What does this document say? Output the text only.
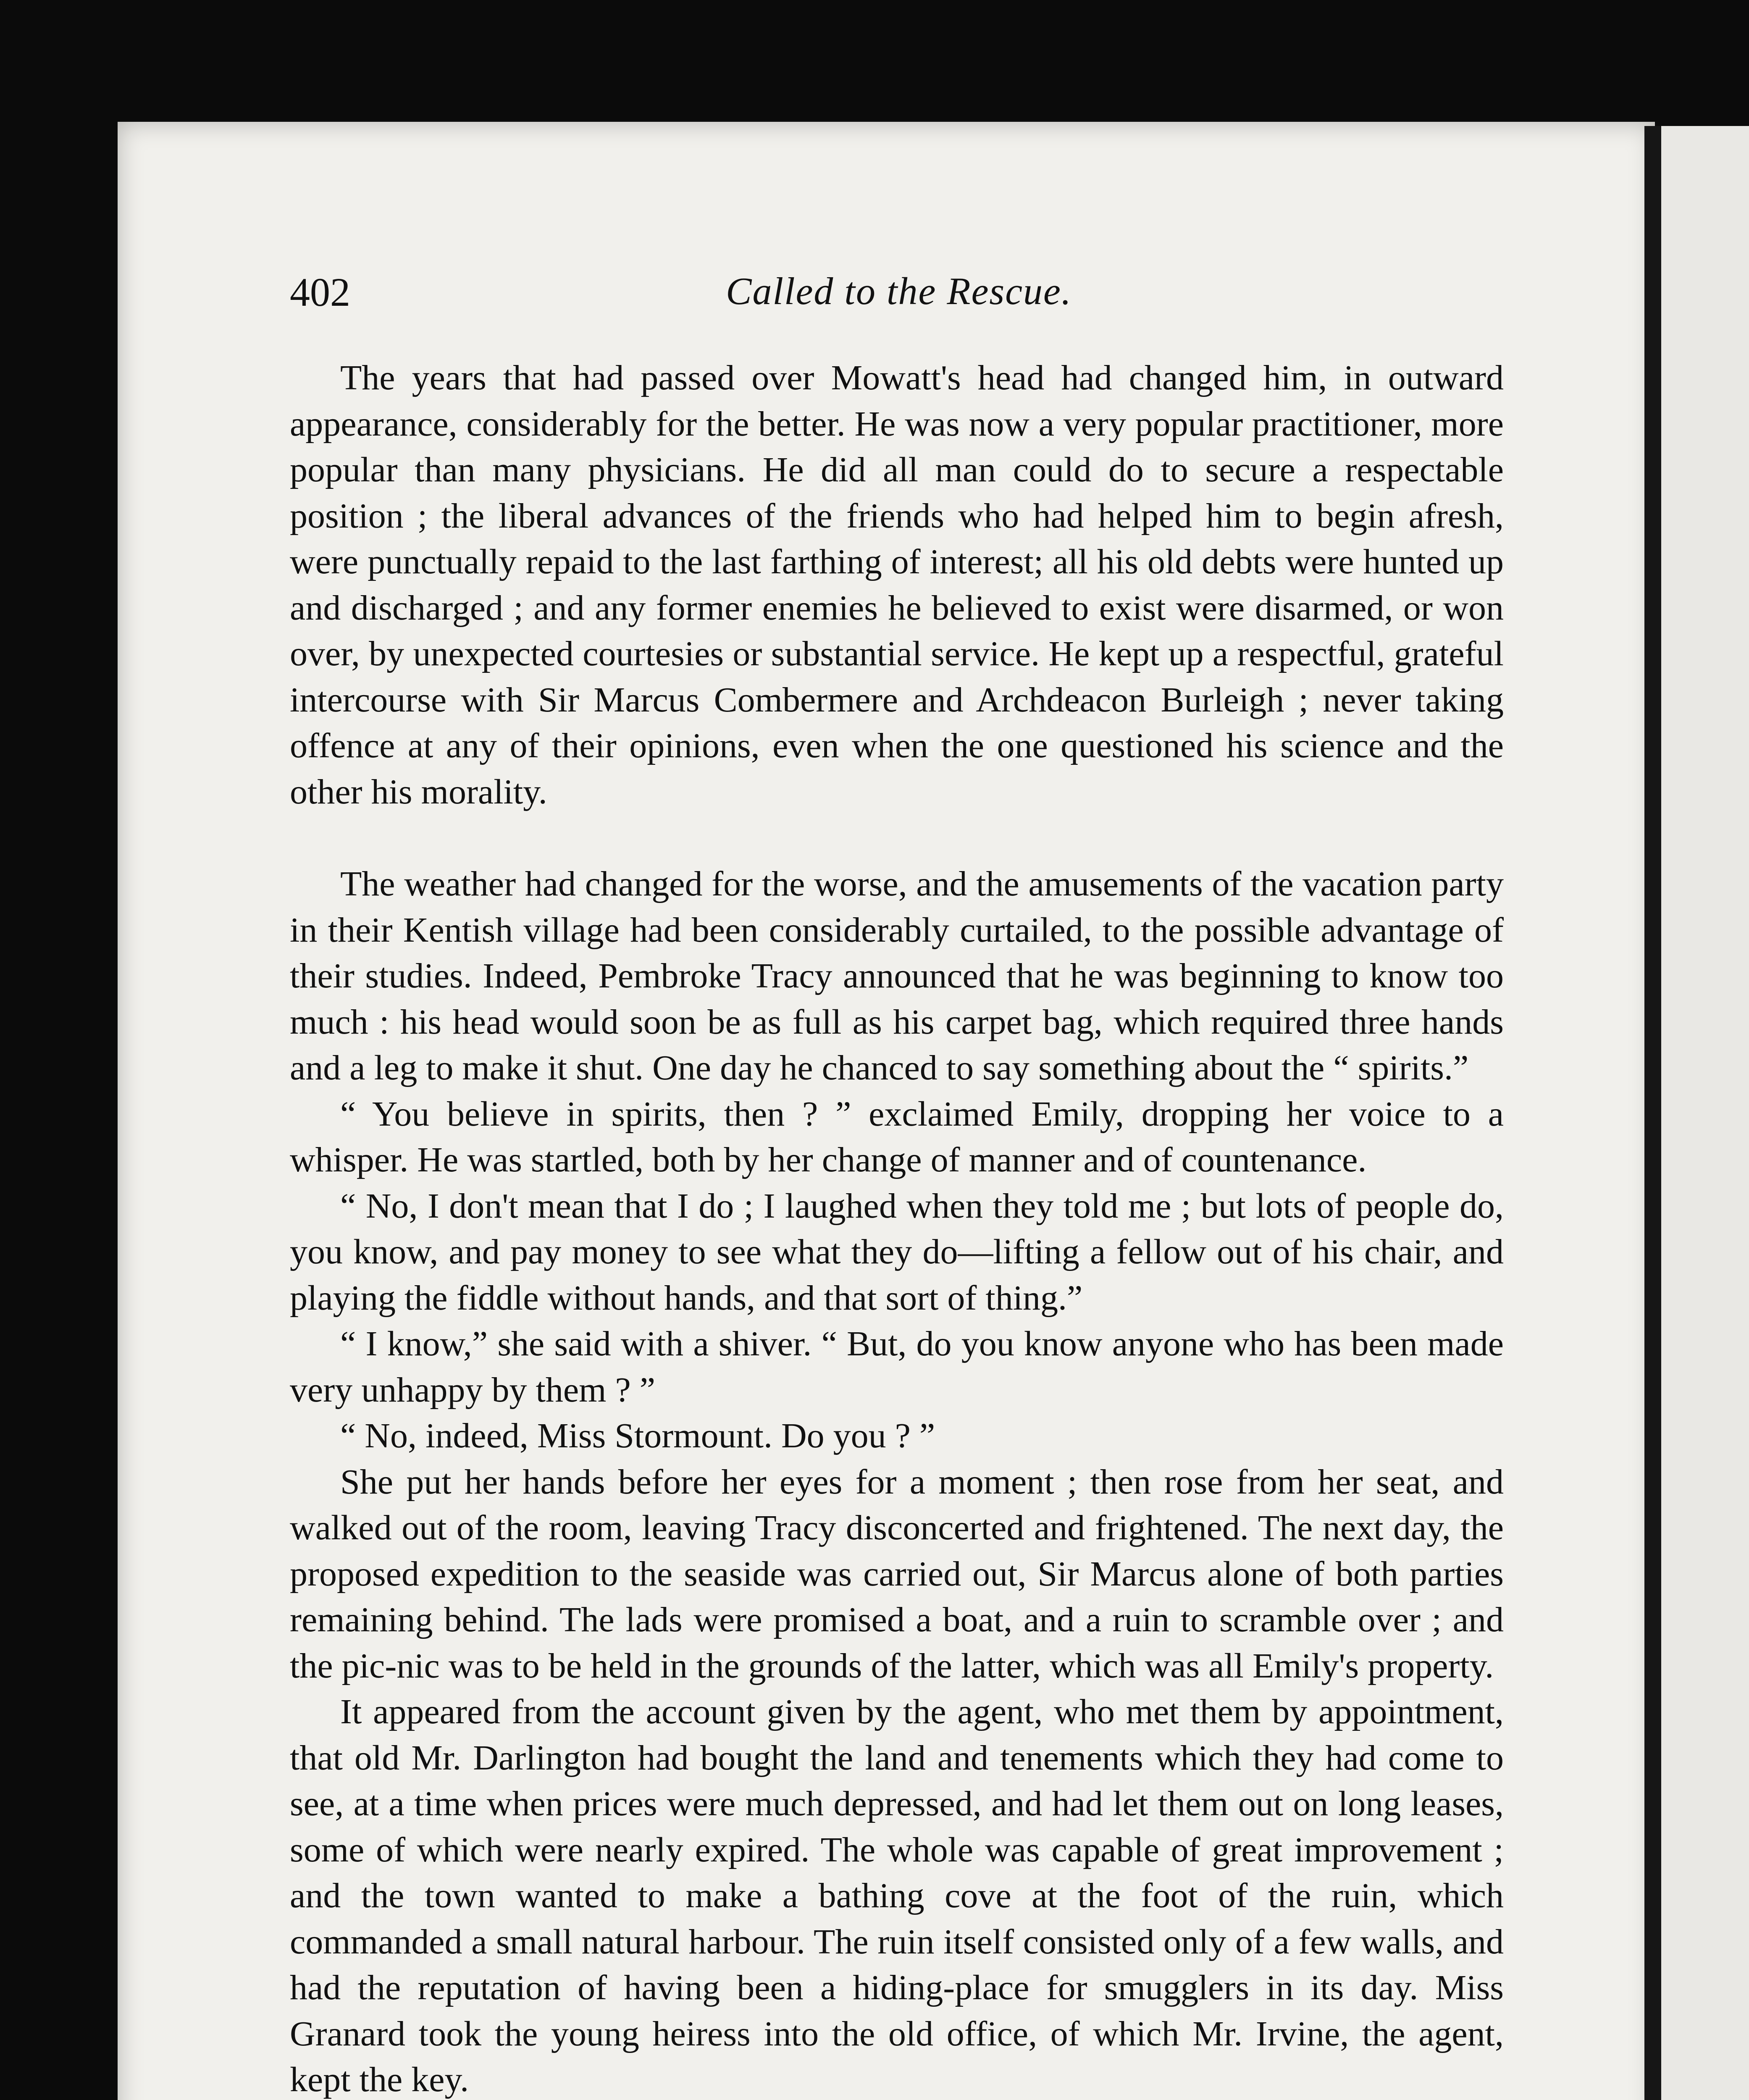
402	Called to the Rescue.

The years that had passed over Mowatt's head had changed him, in outward appearance, considerably for the better. He was now a very popular practitioner, more popular than many physicians. He did all man could do to secure a respectable position ; the liberal advances of the friends who had helped him to begin afresh, were punctually repaid to the last farthing of interest; all his old debts were hunted up and discharged ; and any former enemies he believed to exist were disarmed, or won over, by unexpected courtesies or substantial service. He kept up a respectful, grateful intercourse with Sir Marcus Combermere and Archdeacon Burleigh ; never taking offence at any of their opinions, even when the one questioned his science and the other his morality.

The weather had changed for the worse, and the amusements of the vacation party in their Kentish village had been considerably curtailed, to the possible advantage of their studies. Indeed, Pembroke Tracy announced that he was beginning to know too much : his head would soon be as full as his carpet bag, which required three hands and a leg to make it shut. One day he chanced to say something about the “ spirits.”

“ You believe in spirits, then ? ” exclaimed Emily, dropping her voice to a whisper. He was startled, both by her change of manner and of countenance.

“ No, I don't mean that I do ; I laughed when they told me ; but lots of people do, you know, and pay money to see what they do—lifting a fellow out of his chair, and playing the fiddle without hands, and that sort of thing.”

“ I know,” she said with a shiver. “ But, do you know anyone who has been made very unhappy by them ? ”

“ No, indeed, Miss Stormount. Do you ? ”

She put her hands before her eyes for a moment ; then rose from her seat, and walked out of the room, leaving Tracy disconcerted and frightened. The next day, the proposed expedition to the seaside was carried out, Sir Marcus alone of both parties remaining behind. The lads were promised a boat, and a ruin to scramble over ; and the pic-nic was to be held in the grounds of the latter, which was all Emily's property.

It appeared from the account given by the agent, who met them by appointment, that old Mr. Darlington had bought the land and tenements which they had come to see, at a time when prices were much depressed, and had let them out on long leases, some of which were nearly expired. The whole was capable of great improvement ; and the town wanted to make a bathing cove at the foot of the ruin, which commanded a small natural harbour. The ruin itself consisted only of a few walls, and had the reputation of having been a hiding-place for smugglers in its day. Miss Granard took the young heiress into the old office, of which Mr. Irvine, the agent, kept the key.
